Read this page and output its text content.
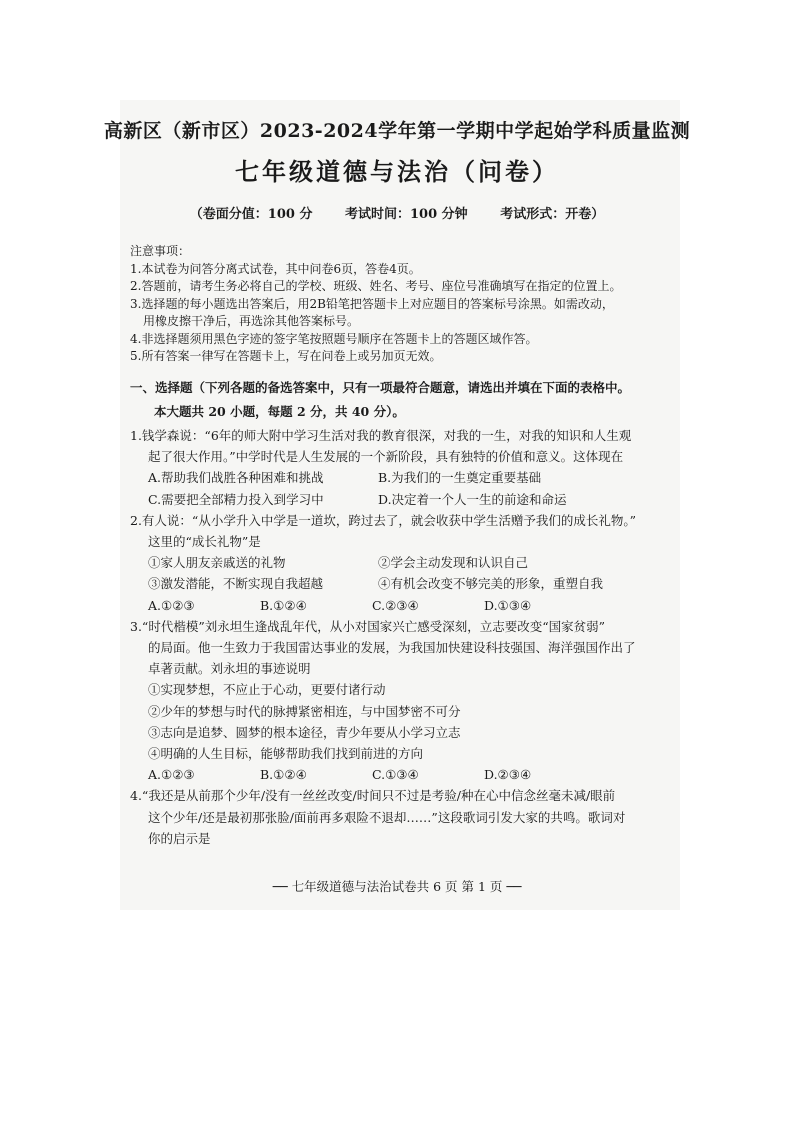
高新区（新市区）2023-2024学年第一学期中学起始学科质量监测
七年级道德与法治（问卷）
（卷面分值：100 分	考试时间：100 分钟	考试形式：开卷）
注意事项：
1.本试卷为问答分离式试卷，其中问卷6页，答卷4页。
2.答题前，请考生务必将自己的学校、班级、姓名、考号、座位号准确填写在指定的位置上。
3.选择题的每小题选出答案后，用2B铅笔把答题卡上对应题目的答案标号涂黑。如需改动，
用橡皮擦干净后，再选涂其他答案标号。
4.非选择题须用黑色字迹的签字笔按照题号顺序在答题卡上的答题区域作答。
5.所有答案一律写在答题卡上，写在问卷上或另加页无效。
一、选择题（下列各题的备选答案中，只有一项最符合题意，请选出并填在下面的表格中。
本大题共 20 小题，每题 2 分，共 40 分）。
1.钱学森说：“6年的师大附中学习生活对我的教育很深，对我的一生，对我的知识和人生观
起了很大作用。”中学时代是人生发展的一个新阶段，具有独特的价值和意义。这体现在
A.帮助我们战胜各种困难和挑战	B.为我们的一生奠定重要基础
C.需要把全部精力投入到学习中	D.决定着一个人一生的前途和命运
2.有人说：“从小学升入中学是一道坎，跨过去了，就会收获中学生活赠予我们的成长礼物。”
这里的“成长礼物”是
①家人朋友亲戚送的礼物	②学会主动发现和认识自己
③激发潜能，不断实现自我超越	④有机会改变不够完美的形象，重塑自我
A.①②③	B.①②④	C.②③④	D.①③④
3.“时代楷模”刘永坦生逢战乱年代，从小对国家兴亡感受深刻，立志要改变“国家贫弱”
的局面。他一生致力于我国雷达事业的发展，为我国加快建设科技强国、海洋强国作出了
卓著贡献。刘永坦的事迹说明
①实现梦想，不应止于心动，更要付诸行动
②少年的梦想与时代的脉搏紧密相连，与中国梦密不可分
③志向是追梦、圆梦的根本途径，青少年要从小学习立志
④明确的人生目标，能够帮助我们找到前进的方向
A.①②③	B.①②④	C.①③④	D.②③④
4.“我还是从前那个少年/没有一丝丝改变/时间只不过是考验/种在心中信念丝毫未减/眼前
这个少年/还是最初那张脸/面前再多艰险不退却……”这段歌词引发大家的共鸣。歌词对
你的启示是
── 七年级道德与法治试卷共 6 页 第 1 页 ──
